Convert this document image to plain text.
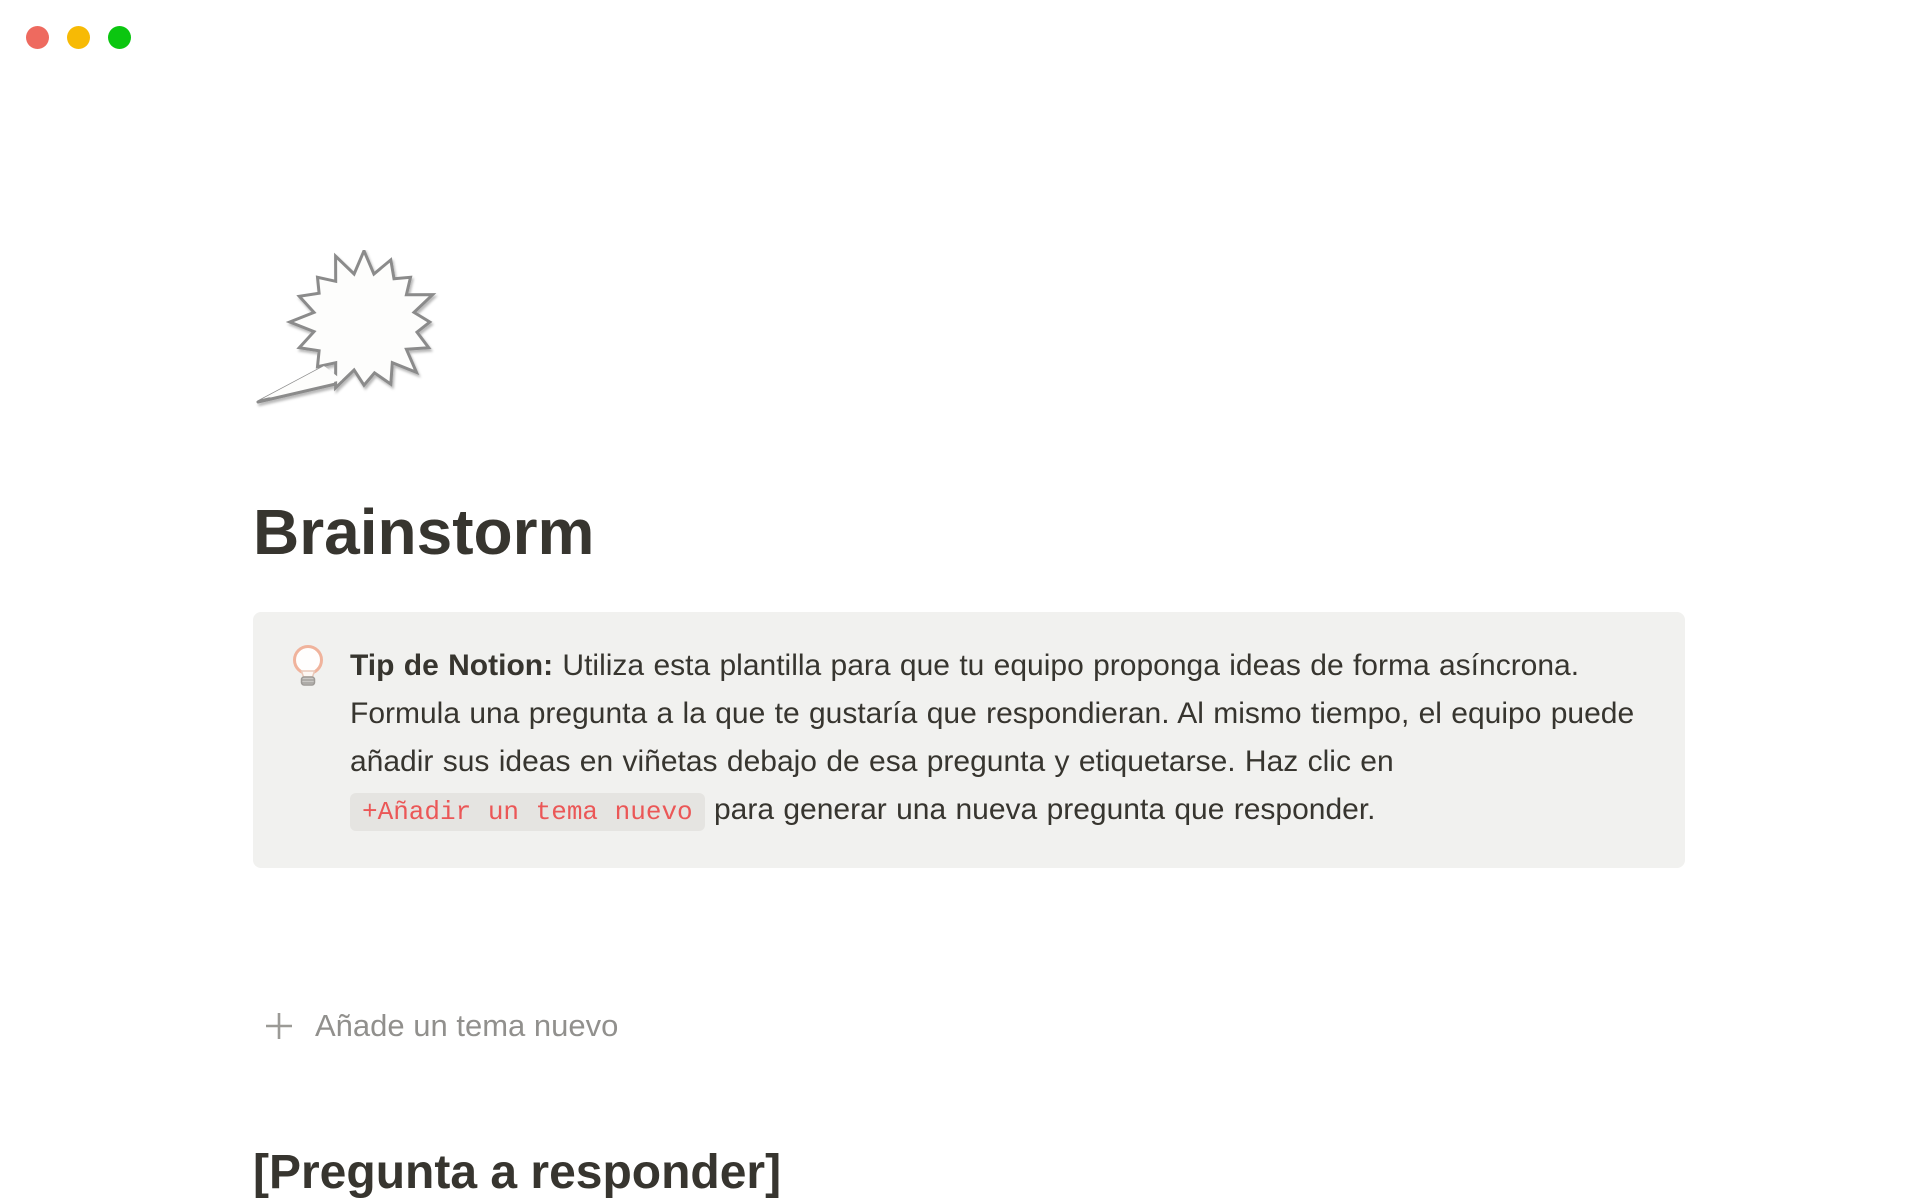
Brainstorm

Tip de Notion: Utiliza esta plantilla para que tu equipo proponga ideas de forma asíncrona. Formula una pregunta a la que te gustaría que respondieran. Al mismo tiempo, el equipo puede añadir sus ideas en viñetas debajo de esa pregunta y etiquetarse. Haz clic en +Añadir un tema nuevo para generar una nueva pregunta que responder.

Añade un tema nuevo
[Pregunta a responder]
